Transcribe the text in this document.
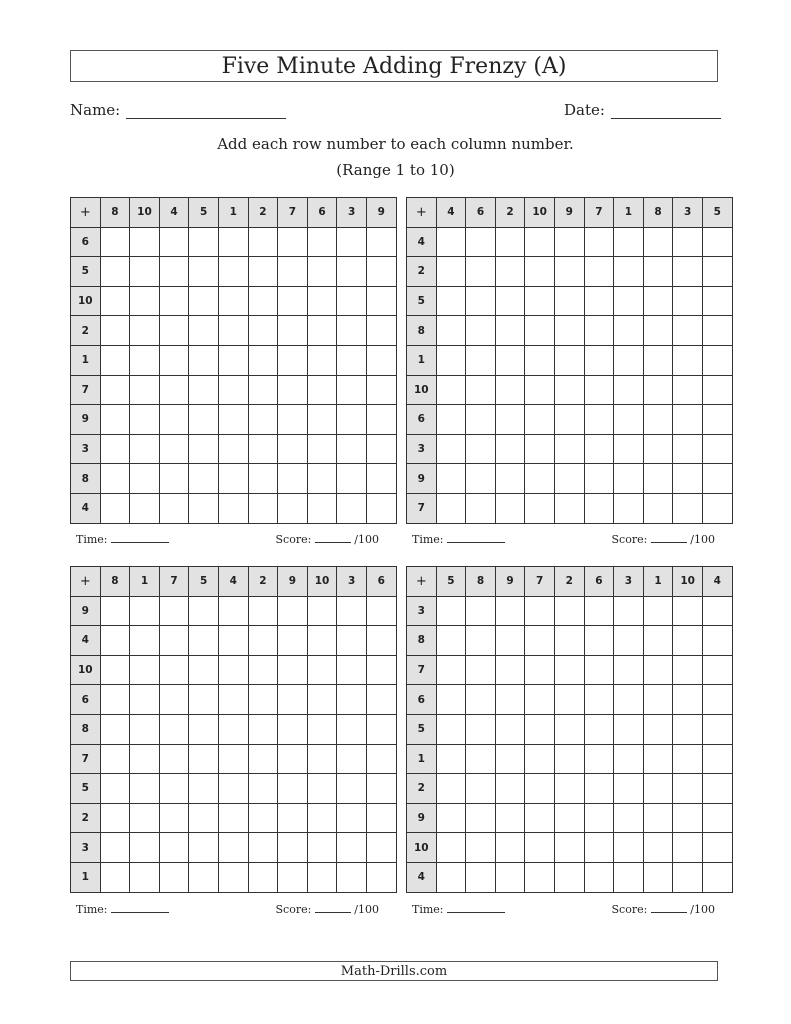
Five Minute Adding Frenzy (A)
Name:	Date:
Add each row number to each column number.
(Range 1 to 10)
+	8	10	4	5	1	2	7	6	3	9
6										
5										
10										
2										
1										
7										
9										
3										
8										
4										
+	4	6	2	10	9	7	1	8	3	5
4										
2										
5										
8										
1										
10										
6										
3										
9										
7										
+	8	1	7	5	4	2	9	10	3	6
9										
4										
10										
6										
8										
7										
5										
2										
3										
1										
+	5	8	9	7	2	6	3	1	10	4
3										
8										
7										
6										
5										
1										
2										
9										
10										
4										
Time:	Score:	/100	Time:	Score:	/100
Time:	Score:	/100	Time:	Score:	/100
Math-Drills.com
